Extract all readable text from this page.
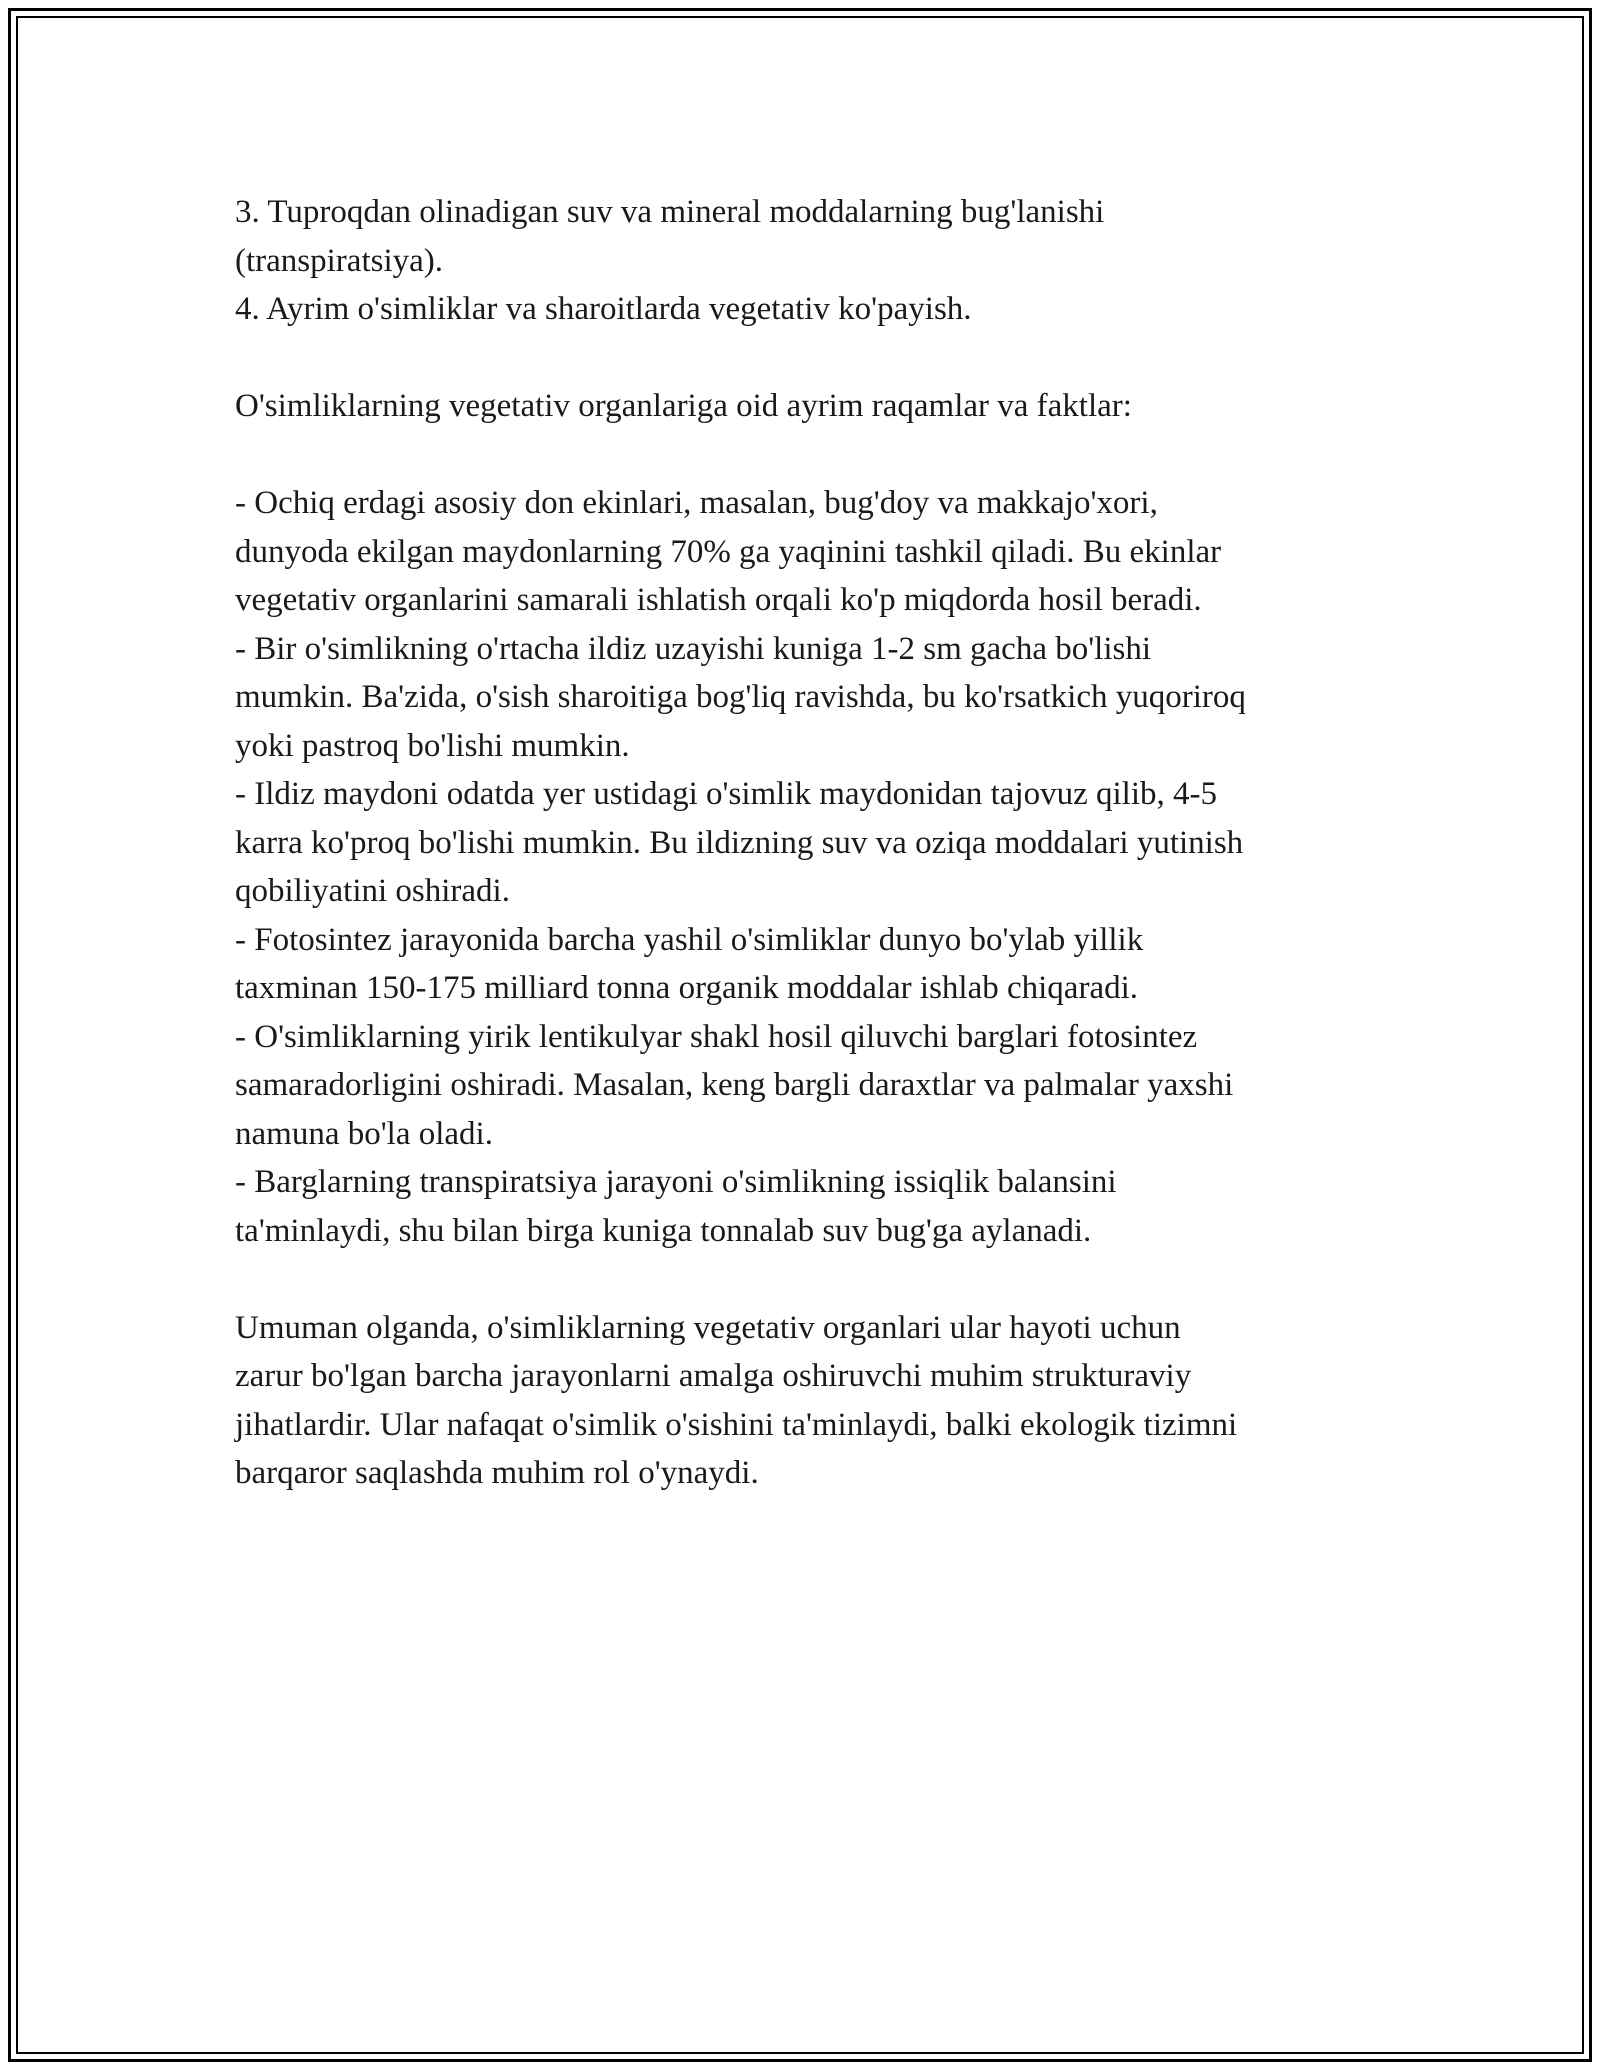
3. Tuproqdan olinadigan suv va mineral moddalarning bug'lanishi
(transpiratsiya).
4. Ayrim o'simliklar va sharoitlarda vegetativ ko'payish.
O'simliklarning vegetativ organlariga oid ayrim raqamlar va faktlar:
- Ochiq erdagi asosiy don ekinlari, masalan, bug'doy va makkajo'xori,
dunyoda ekilgan maydonlarning 70% ga yaqinini tashkil qiladi. Bu ekinlar
vegetativ organlarini samarali ishlatish orqali ko'p miqdorda hosil beradi.
- Bir o'simlikning o'rtacha ildiz uzayishi kuniga 1-2 sm gacha bo'lishi
mumkin. Ba'zida, o'sish sharoitiga bog'liq ravishda, bu ko'rsatkich yuqoriroq
yoki pastroq bo'lishi mumkin.
- Ildiz maydoni odatda yer ustidagi o'simlik maydonidan tajovuz qilib, 4-5
karra ko'proq bo'lishi mumkin. Bu ildizning suv va oziqa moddalari yutinish
qobiliyatini oshiradi.
- Fotosintez jarayonida barcha yashil o'simliklar dunyo bo'ylab yillik
taxminan 150-175 milliard tonna organik moddalar ishlab chiqaradi.
- O'simliklarning yirik lentikulyar shakl hosil qiluvchi barglari fotosintez
samaradorligini oshiradi. Masalan, keng bargli daraxtlar va palmalar yaxshi
namuna bo'la oladi.
- Barglarning transpiratsiya jarayoni o'simlikning issiqlik balansini
ta'minlaydi, shu bilan birga kuniga tonnalab suv bug'ga aylanadi.
Umuman olganda, o'simliklarning vegetativ organlari ular hayoti uchun
zarur bo'lgan barcha jarayonlarni amalga oshiruvchi muhim strukturaviy
jihatlardir. Ular nafaqat o'simlik o'sishini ta'minlaydi, balki ekologik tizimni
barqaror saqlashda muhim rol o'ynaydi.
